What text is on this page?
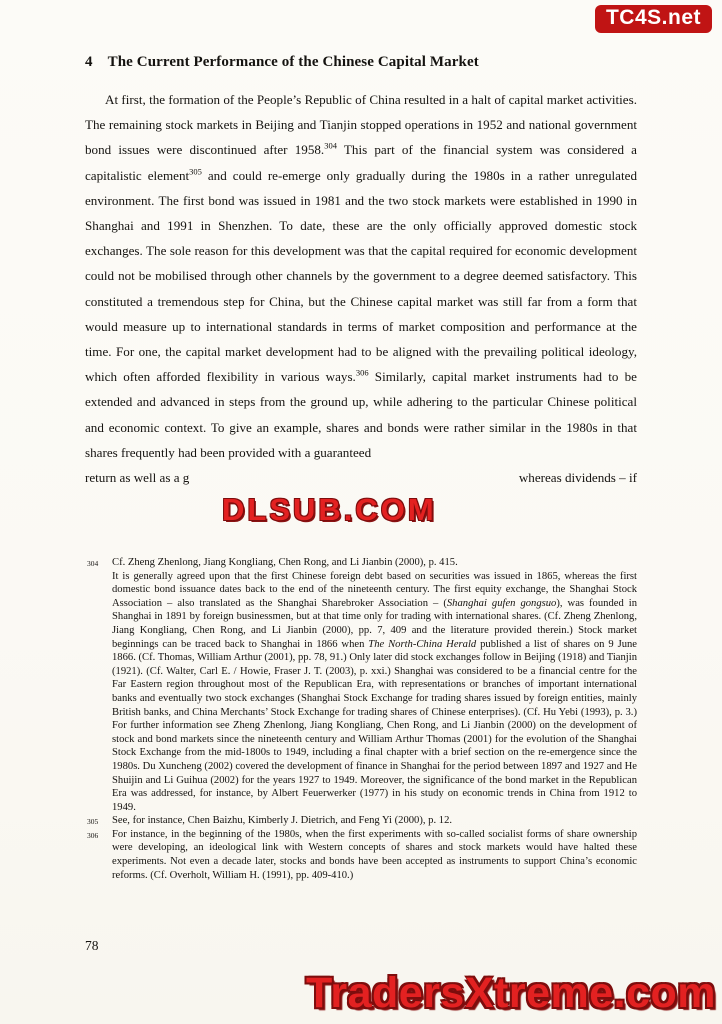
TC4S.net
4 The Current Performance of the Chinese Capital Market

At first, the formation of the People’s Republic of China resulted in a halt of capital market activities. The remaining stock markets in Beijing and Tianjin stopped operations in 1952 and national government bond issues were discontinued after 1958.$^{304}$ This part of the financial system was considered a capitalistic element$^{305}$ and could re-emerge only gradually during the 1980s in a rather unregulated environment. The first bond was issued in 1981 and the two stock markets were established in 1990 in Shanghai and 1991 in Shenzhen. To date, these are the only officially approved domestic stock exchanges. The sole reason for this development was that the capital required for economic development could not be mobilised through other channels by the government to a degree deemed satisfactory. This constituted a tremendous step for China, but the Chinese capital market was still far from a form that would measure up to international standards in terms of market composition and performance at the time. For one, the capital market development had to be aligned with the prevailing political ideology, which often afforded flexibility in various ways.$^{306}$ Similarly, capital market instruments had to be extended and advanced in steps from the ground up, while adhering to the particular Chinese political and economic context. To give an example, shares and bonds were rather similar in the 1980s in that shares frequently had been provided with a guaranteed

return as well as a g	whereas dividends – if
DLSUB.COM
304 Cf. Zheng Zhenlong, Jiang Kongliang, Chen Rong, and Li Jianbin (2000), p. 415.

It is generally agreed upon that the first Chinese foreign debt based on securities was issued in 1865, whereas the first domestic bond issuance dates back to the end of the nineteenth century. The first equity exchange, the Shanghai Stock Association – also translated as the Shanghai Sharebroker Association – (Shanghai gufen gongsuo), was founded in Shanghai in 1891 by foreign businessmen, but at that time only for trading with international shares. (Cf. Zheng Zhenlong, Jiang Kongliang, Chen Rong, and Li Jianbin (2000), pp. 7, 409 and the literature provided therein.) Stock market beginnings can be traced back to Shanghai in 1866 when The North-China Herald published a list of shares on 9 June 1866. (Cf. Thomas, William Arthur (2001), pp. 78, 91.) Only later did stock exchanges follow in Beijing (1918) and Tianjin (1921). (Cf. Walter, Carl E. / Howie, Fraser J. T. (2003), p. xxi.) Shanghai was considered to be a financial centre for the Far Eastern region throughout most of the Republican Era, with representations or branches of important international banks and eventually two stock exchanges (Shanghai Stock Exchange for trading shares issued by foreign entities, mainly British banks, and China Merchants’ Stock Exchange for trading shares of Chinese enterprises). (Cf. Hu Yebi (1993), p. 3.) For further information see Zheng Zhenlong, Jiang Kongliang, Chen Rong, and Li Jianbin (2000) on the development of stock and bond markets since the nineteenth century and William Arthur Thomas (2001) for the evolution of the Shanghai Stock Exchange from the mid-1800s to 1949, including a final chapter with a brief section on the re-emergence since the 1980s. Du Xuncheng (2002) covered the development of finance in Shanghai for the period between 1897 and 1927 and He Shuijin and Li Guihua (2002) for the years 1927 to 1949. Moreover, the significance of the bond market in the Republican Era was addressed, for instance, by Albert Feuerwerker (1977) in his study on economic trends in China from 1912 to 1949.

305 See, for instance, Chen Baizhu, Kimberly J. Dietrich, and Feng Yi (2000), p. 12.

306 For instance, in the beginning of the 1980s, when the first experiments with so-called socialist forms of share ownership were developing, an ideological link with Western concepts of shares and stock markets would have halted these experiments. Not even a decade later, stocks and bonds have been accepted as instruments to support China’s economic reforms. (Cf. Overholt, William H. (1991), pp. 409-410.)

78
TradersXtreme.com
